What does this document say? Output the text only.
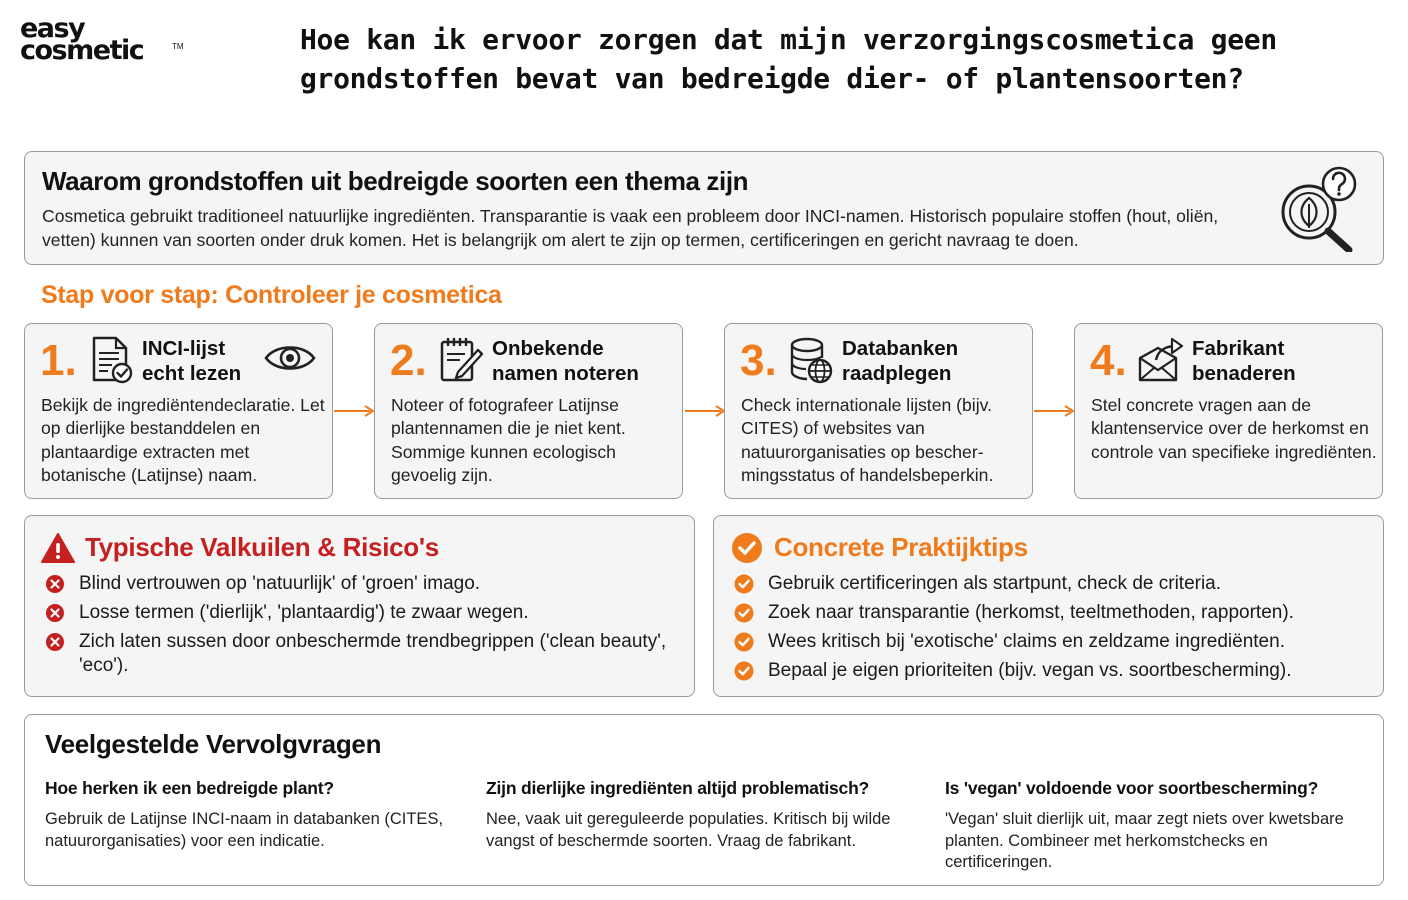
easy
cosmetic	TM	Hoe kan ik ervoor zorgen dat mijn verzorgingscosmetica geen grondstoffen bevat van bedreigde dier- of plantensoorten?
Waarom grondstoffen uit bedreigde soorten een thema zijn

Cosmetica gebruikt traditioneel natuurlijke ingrediënten. Transparantie is vaak een probleem door INCI-namen. Historisch populaire stoffen (hout, oliën, vetten) kunnen van soorten onder druk komen. Het is belangrijk om alert te zijn op termen, certificeringen en gericht navraag te doen.

Stap voor stap: Controleer je cosmetica
1.	INCI-lijst
echt lezen
Bekijk de ingrediëntendeclaratie. Let op dierlijke bestanddelen en plantaardige extracten met botanische (Latijnse) naam.
2.	Onbekende
namen noteren
Noteer of fotografeer Latijnse plantennamen die je niet kent. Sommige kunnen ecologisch gevoelig zijn.
3.	Databanken
raadplegen
Check internationale lijsten (bijv. CITES) of websites van natuurorganisaties op bescher-mingsstatus of handelsbeperkin.
4.	Fabrikant
benaderen
Stel concrete vragen aan de klantenservice over de herkomst en controle van specifieke ingrediënten.
Typische Valkuilen & Risico's
Blind vertrouwen op 'natuurlijk' of 'groen' imago.
Losse termen ('dierlijk', 'plantaardig') te zwaar wegen.
Zich laten sussen door onbeschermde trendbegrippen ('clean beauty', 'eco').
Concrete Praktijktips
Gebruik certificeringen als startpunt, check de criteria.
Zoek naar transparantie (herkomst, teeltmethoden, rapporten).
Wees kritisch bij 'exotische' claims en zeldzame ingrediënten.
Bepaal je eigen prioriteiten (bijv. vegan vs. soortbescherming).
Veelgestelde Vervolgvragen
Hoe herken ik een bedreigde plant?
Gebruik de Latijnse INCI-naam in databanken (CITES, natuurorganisaties) voor een indicatie.
Zijn dierlijke ingrediënten altijd problematisch?
Nee, vaak uit gereguleerde populaties. Kritisch bij wilde vangst of beschermde soorten. Vraag de fabrikant.
Is 'vegan' voldoende voor soortbescherming?
'Vegan' sluit dierlijk uit, maar zegt niets over kwetsbare planten. Combineer met herkomstchecks en certificeringen.
